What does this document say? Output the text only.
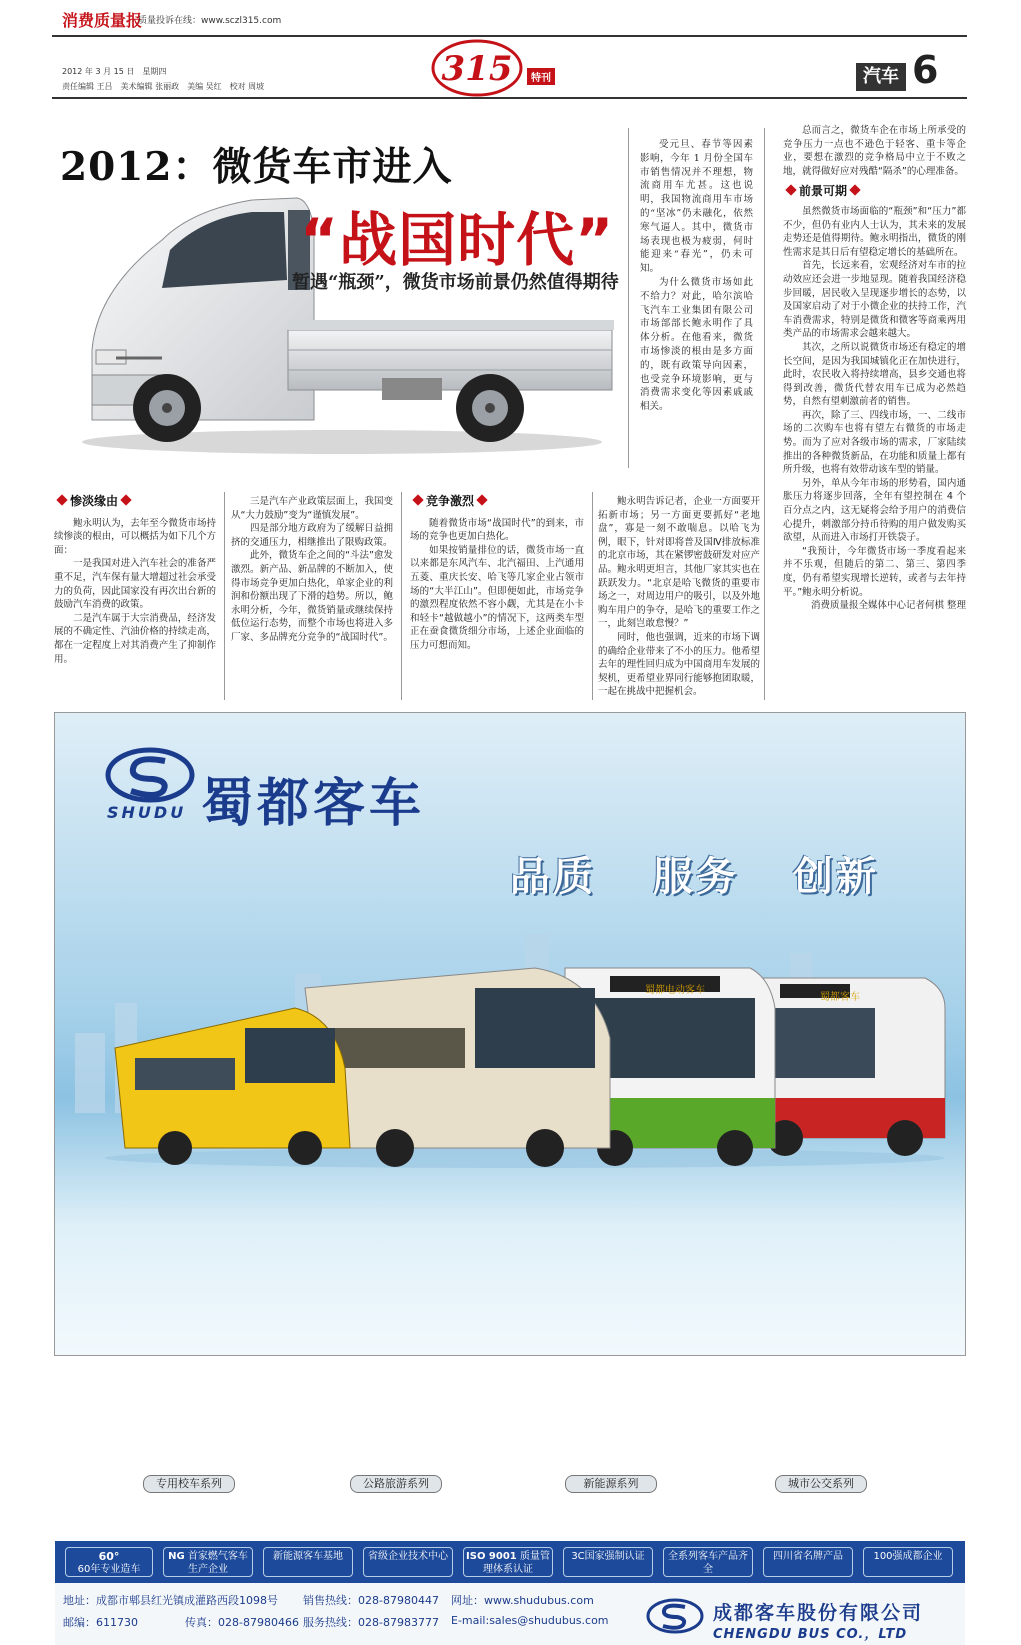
消费质量报
质量投诉在线：www.sczl315.com
2012 年 3 月 15 日　星期四
责任编辑 王吕　美术编辑 张丽政　美编 吴红　校对 周坡	315	特刊	汽车 6
2012：微货车市进入
“战国时代”
暂遇“瓶颈”，微货市场前景仍然值得期待

受元旦、春节等因素影响，今年 1 月份全国车市销售情况并不理想，物流商用车尤甚。这也说明，我国物流商用车市场的“坚冰”仍未融化，依然寒气逼人。其中，微货市场表现也极为疲弱，何时能迎来“春光”，仍未可知。

为什么微货市场如此不给力？对此，哈尔滨哈飞汽车工业集团有限公司市场部部长鲍永明作了具体分析。在他看来，微货市场惨淡的根由是多方面的，既有政策导向因素，也受竞争环境影响，更与消费需求变化等因素戚戚相关。

总而言之，微货车企在市场上所承受的竞争压力一点也不逊色于轻客、重卡等企业，要想在激烈的竞争格局中立于不败之地，就得做好应对残酷“隔杀”的心理准备。

前景可期

虽然微货市场面临的“瓶颈”和“压力”都不少，但仍有业内人士认为，其未来的发展走势还是值得期待。鲍永明指出，微货的刚性需求是其日后有望稳定增长的基础所在。

首先，长远来看，宏观经济对车市的拉动效应还会进一步地显现。随着我国经济稳步回暖，居民收入呈现逐步增长的态势，以及国家启动了对于小微企业的扶持工作，汽车消费需求，特别是微货和微客等商乘两用类产品的市场需求会越来越大。

其次，之所以说微货市场还有稳定的增长空间，是因为我国城镇化正在加快进行，此时，农民收入将持续增高，县乡交通也将得到改善，微货代替农用车已成为必然趋势，自然有望刺激前者的销售。

再次，除了三、四线市场，一、二线市场的二次购车也将有望左右微货的市场走势。而为了应对各级市场的需求，厂家陆续推出的各种微货新品，在功能和质量上都有所升级，也将有效带动该车型的销量。

另外，单从今年市场的形势看，国内通胀压力将逐步回落，全年有望控制在 4 个百分点之内，这无疑将会给予用户的消费信心提升，刺激部分持币待购的用户做发购买欲望，从而进入市场打开铁袋子。

“我预计，今年微货市场一季度看起来并不乐观，但随后的第二、第三、第四季度，仍有希望实现增长逆转，或者与去年持平。”鲍永明分析说。

消费质量报全媒体中心记者何棋 整理

惨淡缘由

鲍永明认为，去年至今微货市场持续惨淡的根由，可以概括为如下几个方面：

一是我国对进入汽车社会的准备严重不足，汽车保有量大增超过社会承受力的负荷，因此国家没有再次出台新的鼓励汽车消费的政策。

二是汽车属于大宗消费品，经济发展的不确定性、汽油价格的持续走高，都在一定程度上对其消费产生了抑制作用。

三是汽车产业政策层面上，我国变从“大力鼓励”变为“谨慎发展”。

四是部分地方政府为了缓解日益拥挤的交通压力，相继推出了限购政策。

此外，微货车企之间的“斗法”愈发激烈。新产品、新品牌的不断加入，使得市场竞争更加白热化，单家企业的利润和份额出现了下滑的趋势。所以，鲍永明分析，今年，微货销量或继续保持低位运行态势，而整个市场也将进入多厂家、多品牌充分竞争的“战国时代”。

竞争激烈

随着微货市场“战国时代”的到来，市场的竞争也更加白热化。

如果按销量排位的话，微货市场一直以来都是东风汽车、北汽福田、上汽通用五菱、重庆长安、哈飞等几家企业占领市场的“大半江山”。但即便如此，市场竞争的激烈程度依然不容小觑，尤其是在小卡和轻卡“越做越小”的情况下，这两类车型正在蚕食微货细分市场，上述企业面临的压力可想而知。

鲍永明告诉记者，企业一方面要开拓新市场；另一方面更要抓好“老地盘”，寡是一刻不敢喘息。以哈飞为例，眼下，针对即将普及国Ⅳ排放标准的北京市场，其在紧锣密鼓研发对应产品。鲍永明更坦言，其他厂家其实也在跃跃发力。“北京是哈飞微货的重要市场之一，对周边用户的吸引，以及外地购车用户的争夺，是哈飞的重要工作之一，此刻岂敢怠慢？”

同时，他也强调，近来的市场下调的确给企业带来了不小的压力。他希望去年的理性回归成为中国商用车发展的契机，更希望业界同行能够抱团取暖，一起在挑战中把握机会。

蜀都客车
SHUDU
品质 服务 创新
蜀都电动客车
蜀都客车
专用校车系列	公路旅游系列	新能源系列	城市公交系列
60°
60年专业造车
NG 首家燃气客车生产企业
新能源客车基地	省级企业技术中心	ISO 9001 质量管理体系认证
3C国家强制认证	全系列客车产品齐全
四川省名牌产品	100强成都企业
地址：成都市郫县红光镇成灌路西段1098号
邮编：611730	传真：028-87980466
销售热线：028-87980447
服务热线：028-87983777
网址：www.shudubus.com
E-mail:sales@shudubus.com	成都客车股份有限公司
CHENGDU BUS CO.，LTD
